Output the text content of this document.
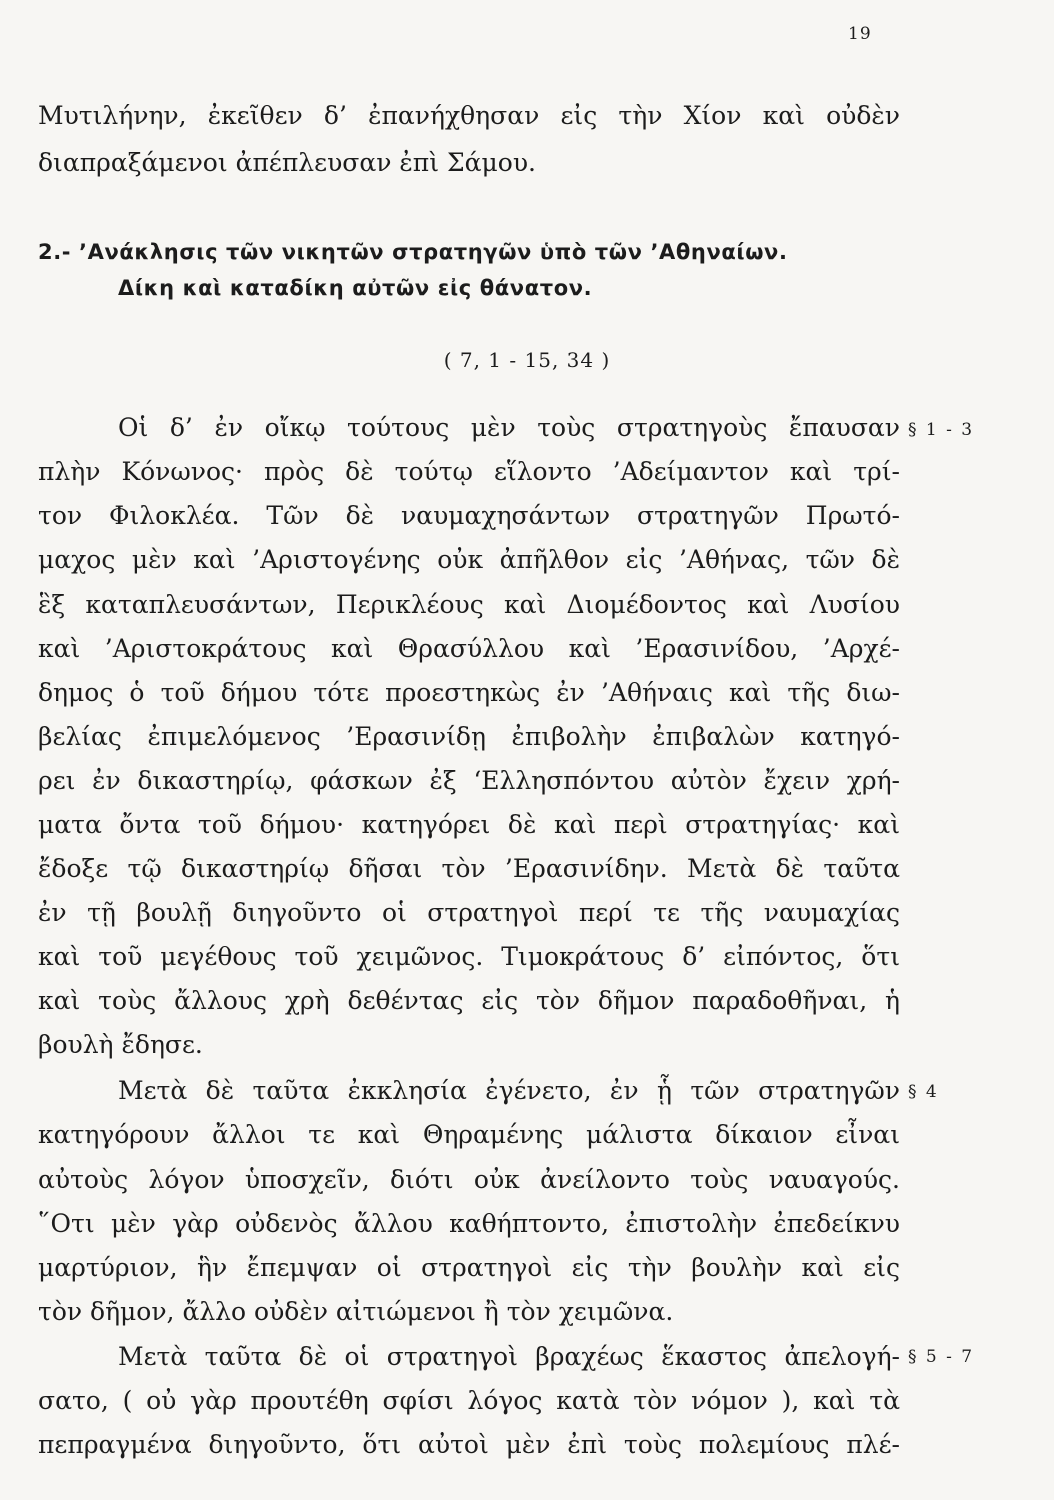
19
Μυτιλήνην, ἐκεῖθεν δ’ ἐπανήχθησαν εἰς τὴν Χίον καὶ οὐδὲν
διαπραξάμενοι ἀπέπλευσαν ἐπὶ Σάμου.
2.- ’Ανάκλησις τῶν νικητῶν στρατηγῶν ὑπὸ τῶν ’Αθηναίων.
Δίκη καὶ καταδίκη αὐτῶν εἰς θάνατον.
( 7, 1 - 15, 34 )
Οἱ δ’ ἐν οἴκῳ τούτους μὲν τοὺς στρατηγοὺς ἔπαυσαν
πλὴν Κόνωνος· πρὸς δὲ τούτῳ εἵλοντο ’Αδείμαντον καὶ τρί-
τον Φιλοκλέα. Τῶν δὲ ναυμαχησάντων στρατηγῶν Πρωτό-
μαχος μὲν καὶ ’Αριστογένης οὐκ ἀπῆλθον εἰς ’Αθήνας, τῶν δὲ
ἓξ καταπλευσάντων, Περικλέους καὶ Διομέδοντος καὶ Λυσίου
καὶ ’Αριστοκράτους καὶ Θρασύλλου καὶ ’Ερασινίδου, ’Αρχέ-
δημος ὁ τοῦ δήμου τότε προεστηκὼς ἐν ’Αθήναις καὶ τῆς διω-
βελίας ἐπιμελόμενος ’Ερασινίδῃ ἐπιβολὴν ἐπιβαλὼν κατηγό-
ρει ἐν δικαστηρίῳ, φάσκων ἐξ ‘Ελλησπόντου αὐτὸν ἔχειν χρή-
ματα ὄντα τοῦ δήμου· κατηγόρει δὲ καὶ περὶ στρατηγίας· καὶ
ἔδοξε τῷ δικαστηρίῳ δῆσαι τὸν ’Ερασινίδην. Μετὰ δὲ ταῦτα
ἐν τῇ βουλῇ διηγοῦντο οἱ στρατηγοὶ περί τε τῆς ναυμαχίας
καὶ τοῦ μεγέθους τοῦ χειμῶνος. Τιμοκράτους δ’ εἰπόντος, ὅτι
καὶ τοὺς ἄλλους χρὴ δεθέντας εἰς τὸν δῆμον παραδοθῆναι, ἡ
βουλὴ ἔδησε.
Μετὰ δὲ ταῦτα ἐκκλησία ἐγένετο, ἐν ᾗ τῶν στρατηγῶν
κατηγόρουν ἄλλοι τε καὶ Θηραμένης μάλιστα δίκαιον εἶναι
αὐτοὺς λόγον ὑποσχεῖν, διότι οὐκ ἀνείλοντο τοὺς ναυαγούς.
῞Οτι μὲν γὰρ οὐδενὸς ἄλλου καθήπτοντο, ἐπιστολὴν ἐπεδείκνυ
μαρτύριον, ἣν ἔπεμψαν οἱ στρατηγοὶ εἰς τὴν βουλὴν καὶ εἰς
τὸν δῆμον, ἄλλο οὐδὲν αἰτιώμενοι ἢ τὸν χειμῶνα.
Μετὰ ταῦτα δὲ οἱ στρατηγοὶ βραχέως ἕκαστος ἀπελογή-
σατο, ( οὐ γὰρ προυτέθη σφίσι λόγος κατὰ τὸν νόμον ), καὶ τὰ
πεπραγμένα διηγοῦντο, ὅτι αὐτοὶ μὲν ἐπὶ τοὺς πολεμίους πλέ-
§ 1 - 3
§ 4
§ 5 - 7
